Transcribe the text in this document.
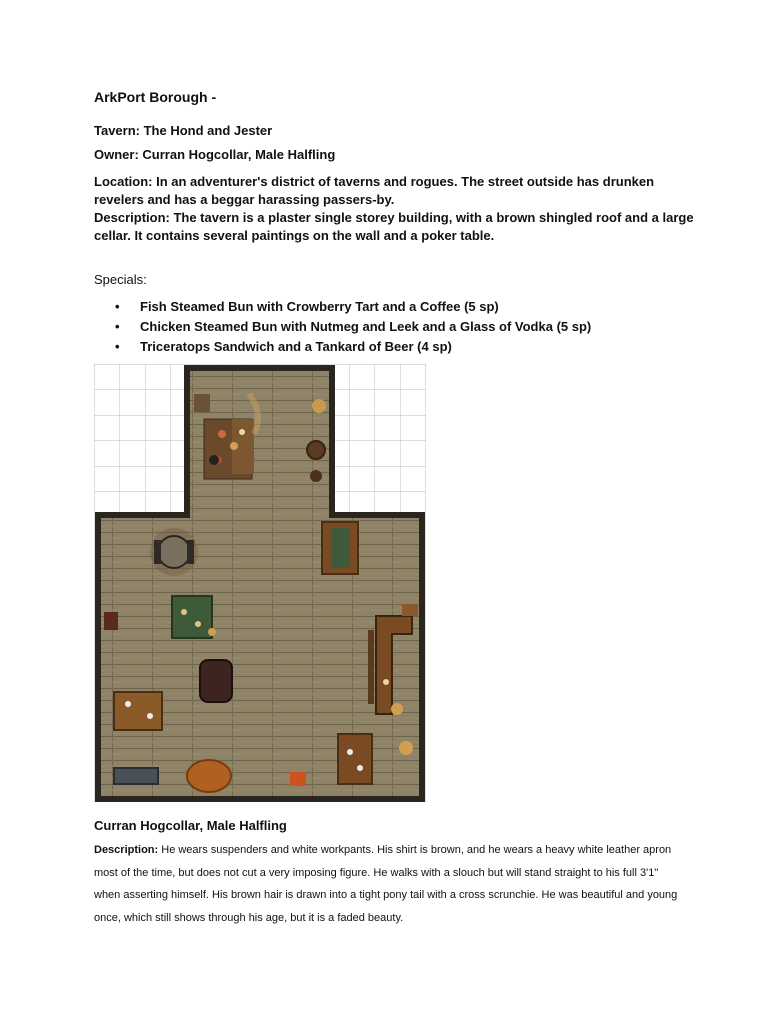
ArkPort Borough -

Tavern: The Hond and Jester

Owner: Curran Hogcollar, Male Halfling

Location: In an adventurer's district of taverns and rogues. The street outside has drunken revelers and has a beggar harassing passers-by.
Description: The tavern is a plaster single storey building, with a brown shingled roof and a large cellar. It contains several paintings on the wall and a poker table.

Specials:

• Fish Steamed Bun with Crowberry Tart and a Coffee (5 sp)
• Chicken Steamed Bun with Nutmeg and Leek and a Glass of Vodka (5 sp)
• Triceratops Sandwich and a Tankard of Beer (4 sp)

Curran Hogcollar, Male Halfling

Description: He wears suspenders and white workpants. His shirt is brown, and he wears a heavy white leather apron most of the time, but does not cut a very imposing figure. He walks with a slouch but will stand straight to his full 3'1" when asserting himself. His brown hair is drawn into a tight pony tail with a cross scrunchie. He was beautiful and young once, which still shows through his age, but it is a faded beauty.
